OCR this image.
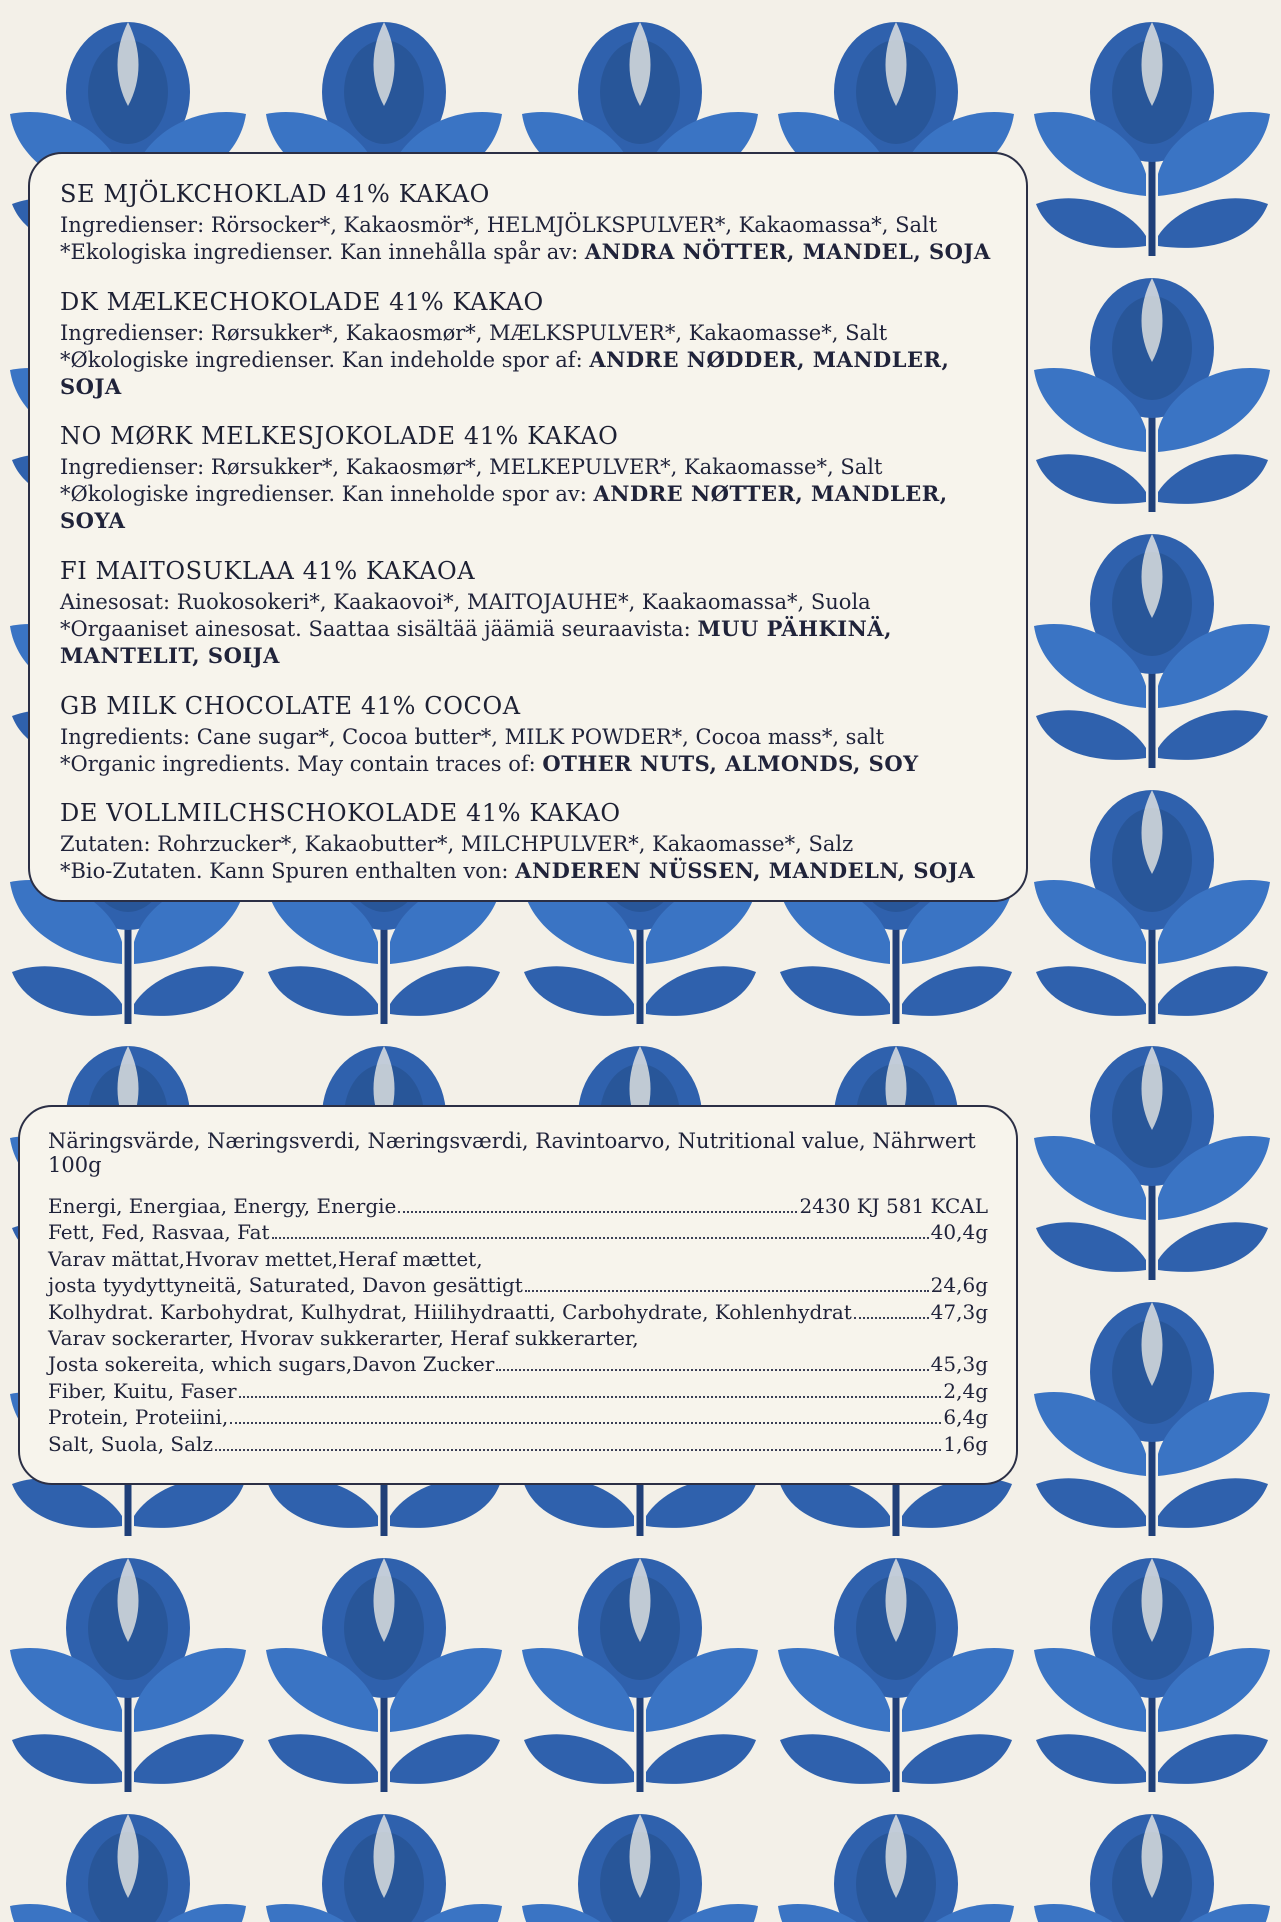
SE MJÖLKCHOKLAD 41% KAKAO
Ingredienser: Rörsocker*, Kakaosmör*, HELMJÖLKSPULVER*, Kakaomassa*, Salt
*Ekologiska ingredienser. Kan innehålla spår av: ANDRA NÖTTER, MANDEL, SOJA
DK MÆLKECHOKOLADE 41% KAKAO
Ingredienser: Rørsukker*, Kakaosmør*, MÆLKSPULVER*, Kakaomasse*, Salt
*Økologiske ingredienser. Kan indeholde spor af: ANDRE NØDDER, MANDLER, SOJA
NO MØRK MELKESJOKOLADE 41% KAKAO
Ingredienser: Rørsukker*, Kakaosmør*, MELKEPULVER*, Kakaomasse*, Salt
*Økologiske ingredienser. Kan inneholde spor av: ANDRE NØTTER, MANDLER, SOYA
FI MAITOSUKLAA 41% KAKAOA
Ainesosat: Ruokosokeri*, Kaakaovoi*, MAITOJAUHE*, Kaakaomassa*, Suola
*Orgaaniset ainesosat. Saattaa sisältää jäämiä seuraavista: MUU PÄHKINÄ, MANTELIT, SOIJA
GB MILK CHOCOLATE 41% COCOA
Ingredients: Cane sugar*, Cocoa butter*, MILK POWDER*, Cocoa mass*, salt
*Organic ingredients. May contain traces of: OTHER NUTS, ALMONDS, SOY
DE VOLLMILCHSCHOKOLADE 41% KAKAO
Zutaten: Rohrzucker*, Kakaobutter*, MILCHPULVER*, Kakaomasse*, Salz
*Bio-Zutaten. Kann Spuren enthalten von: ANDEREN NÜSSEN, MANDELN, SOJA
Näringsvärde, Næringsverdi, Næringsværdi, Ravintoarvo, Nutritional value, Nährwert 100g
Energi, Energiaa, Energy, Energie	2430 KJ 581 KCAL
Fett, Fed, Rasvaa, Fat	40,4g
Varav mättat,Hvorav mettet,Heraf mættet,
josta tyydyttyneitä, Saturated, Davon gesättigt	24,6g
Kolhydrat. Karbohydrat, Kulhydrat, Hiilihydraatti, Carbohydrate, Kohlenhydrat	47,3g
Varav sockerarter, Hvorav sukkerarter, Heraf sukkerarter,
Josta sokereita, which sugars,Davon Zucker	45,3g
Fiber, Kuitu, Faser	2,4g
Protein, Proteiini,	6,4g
Salt, Suola, Salz	1,6g
